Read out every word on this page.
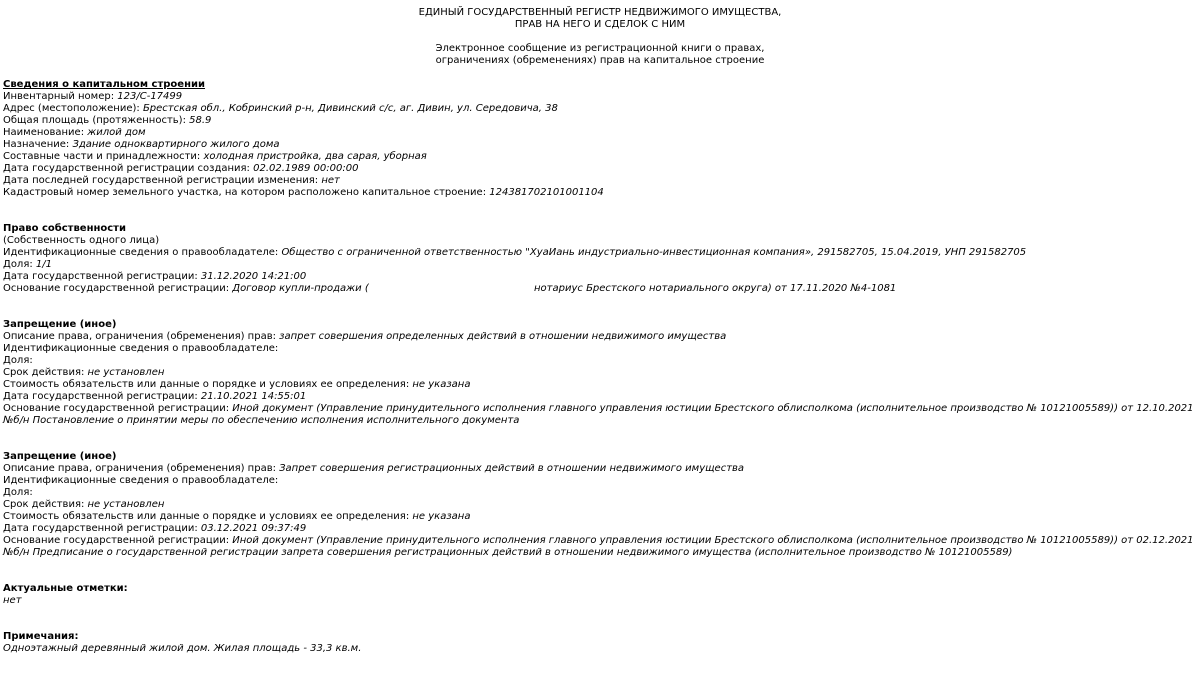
ЕДИНЫЙ ГОСУДАРСТВЕННЫЙ РЕГИСТР НЕДВИЖИМОГО ИМУЩЕСТВА,
ПРАВ НА НЕГО И СДЕЛОК С НИМ
Электронное сообщение из регистрационной книги о правах,
ограничениях (обременениях) прав на капитальное строение
Сведения о капитальном строении
Инвентарный номер: 123/C-17499
Адрес (местоположение): Брестская обл., Кобринский р-н, Дивинский с/с, аг. Дивин, ул. Середовича, 38
Общая площадь (протяженность): 58.9
Наименование: жилой дом
Назначение: Здание одноквартирного жилого дома
Составные части и принадлежности: холодная пристройка, два сарая, уборная
Дата государственной регистрации создания: 02.02.1989 00:00:00
Дата последней государственной регистрации изменения: нет
Кадастровый номер земельного участка, на котором расположено капитальное строение: 124381702101001104
Право собственности
(Собственность одного лица)
Идентификационные сведения о правообладателе: Общество с ограниченной ответственностью "ХуаИань индустриально-инвестиционная компания», 291582705, 15.04.2019, УНП 291582705
Доля: 1/1
Дата государственной регистрации: 31.12.2020 14:21:00
Основание государственной регистрации: Договор купли-продажи (                                                    нотариус Брестского нотариального округа) от 17.11.2020 №4-1081
Запрещение (иное)
Описание права, ограничения (обременения) прав: запрет совершения определенных действий в отношении недвижимого имущества
Идентификационные сведения о правообладателе:
Доля:
Срок действия: не установлен
Стоимость обязательств или данные о порядке и условиях ее определения: не указана
Дата государственной регистрации: 21.10.2021 14:55:01
Основание государственной регистрации: Иной документ (Управление принудительного исполнения главного управления юстиции Брестского облисполкома (исполнительное производство № 10121005589)) от 12.10.2021 №б/н Постановление о принятии меры по обеспечению исполнения исполнительного документа
Запрещение (иное)
Описание права, ограничения (обременения) прав: Запрет совершения регистрационных действий в отношении недвижимого имущества
Идентификационные сведения о правообладателе:
Доля:
Срок действия: не установлен
Стоимость обязательств или данные о порядке и условиях ее определения: не указана
Дата государственной регистрации: 03.12.2021 09:37:49
Основание государственной регистрации: Иной документ (Управление принудительного исполнения главного управления юстиции Брестского облисполкома (исполнительное производство № 10121005589)) от 02.12.2021 №б/н Предписание о государственной регистрации запрета совершения регистрационных действий в отношении недвижимого имущества (исполнительное производство № 10121005589)
Актуальные отметки:
нет
Примечания:
Одноэтажный деревянный жилой дом. Жилая площадь - 33,3 кв.м.
